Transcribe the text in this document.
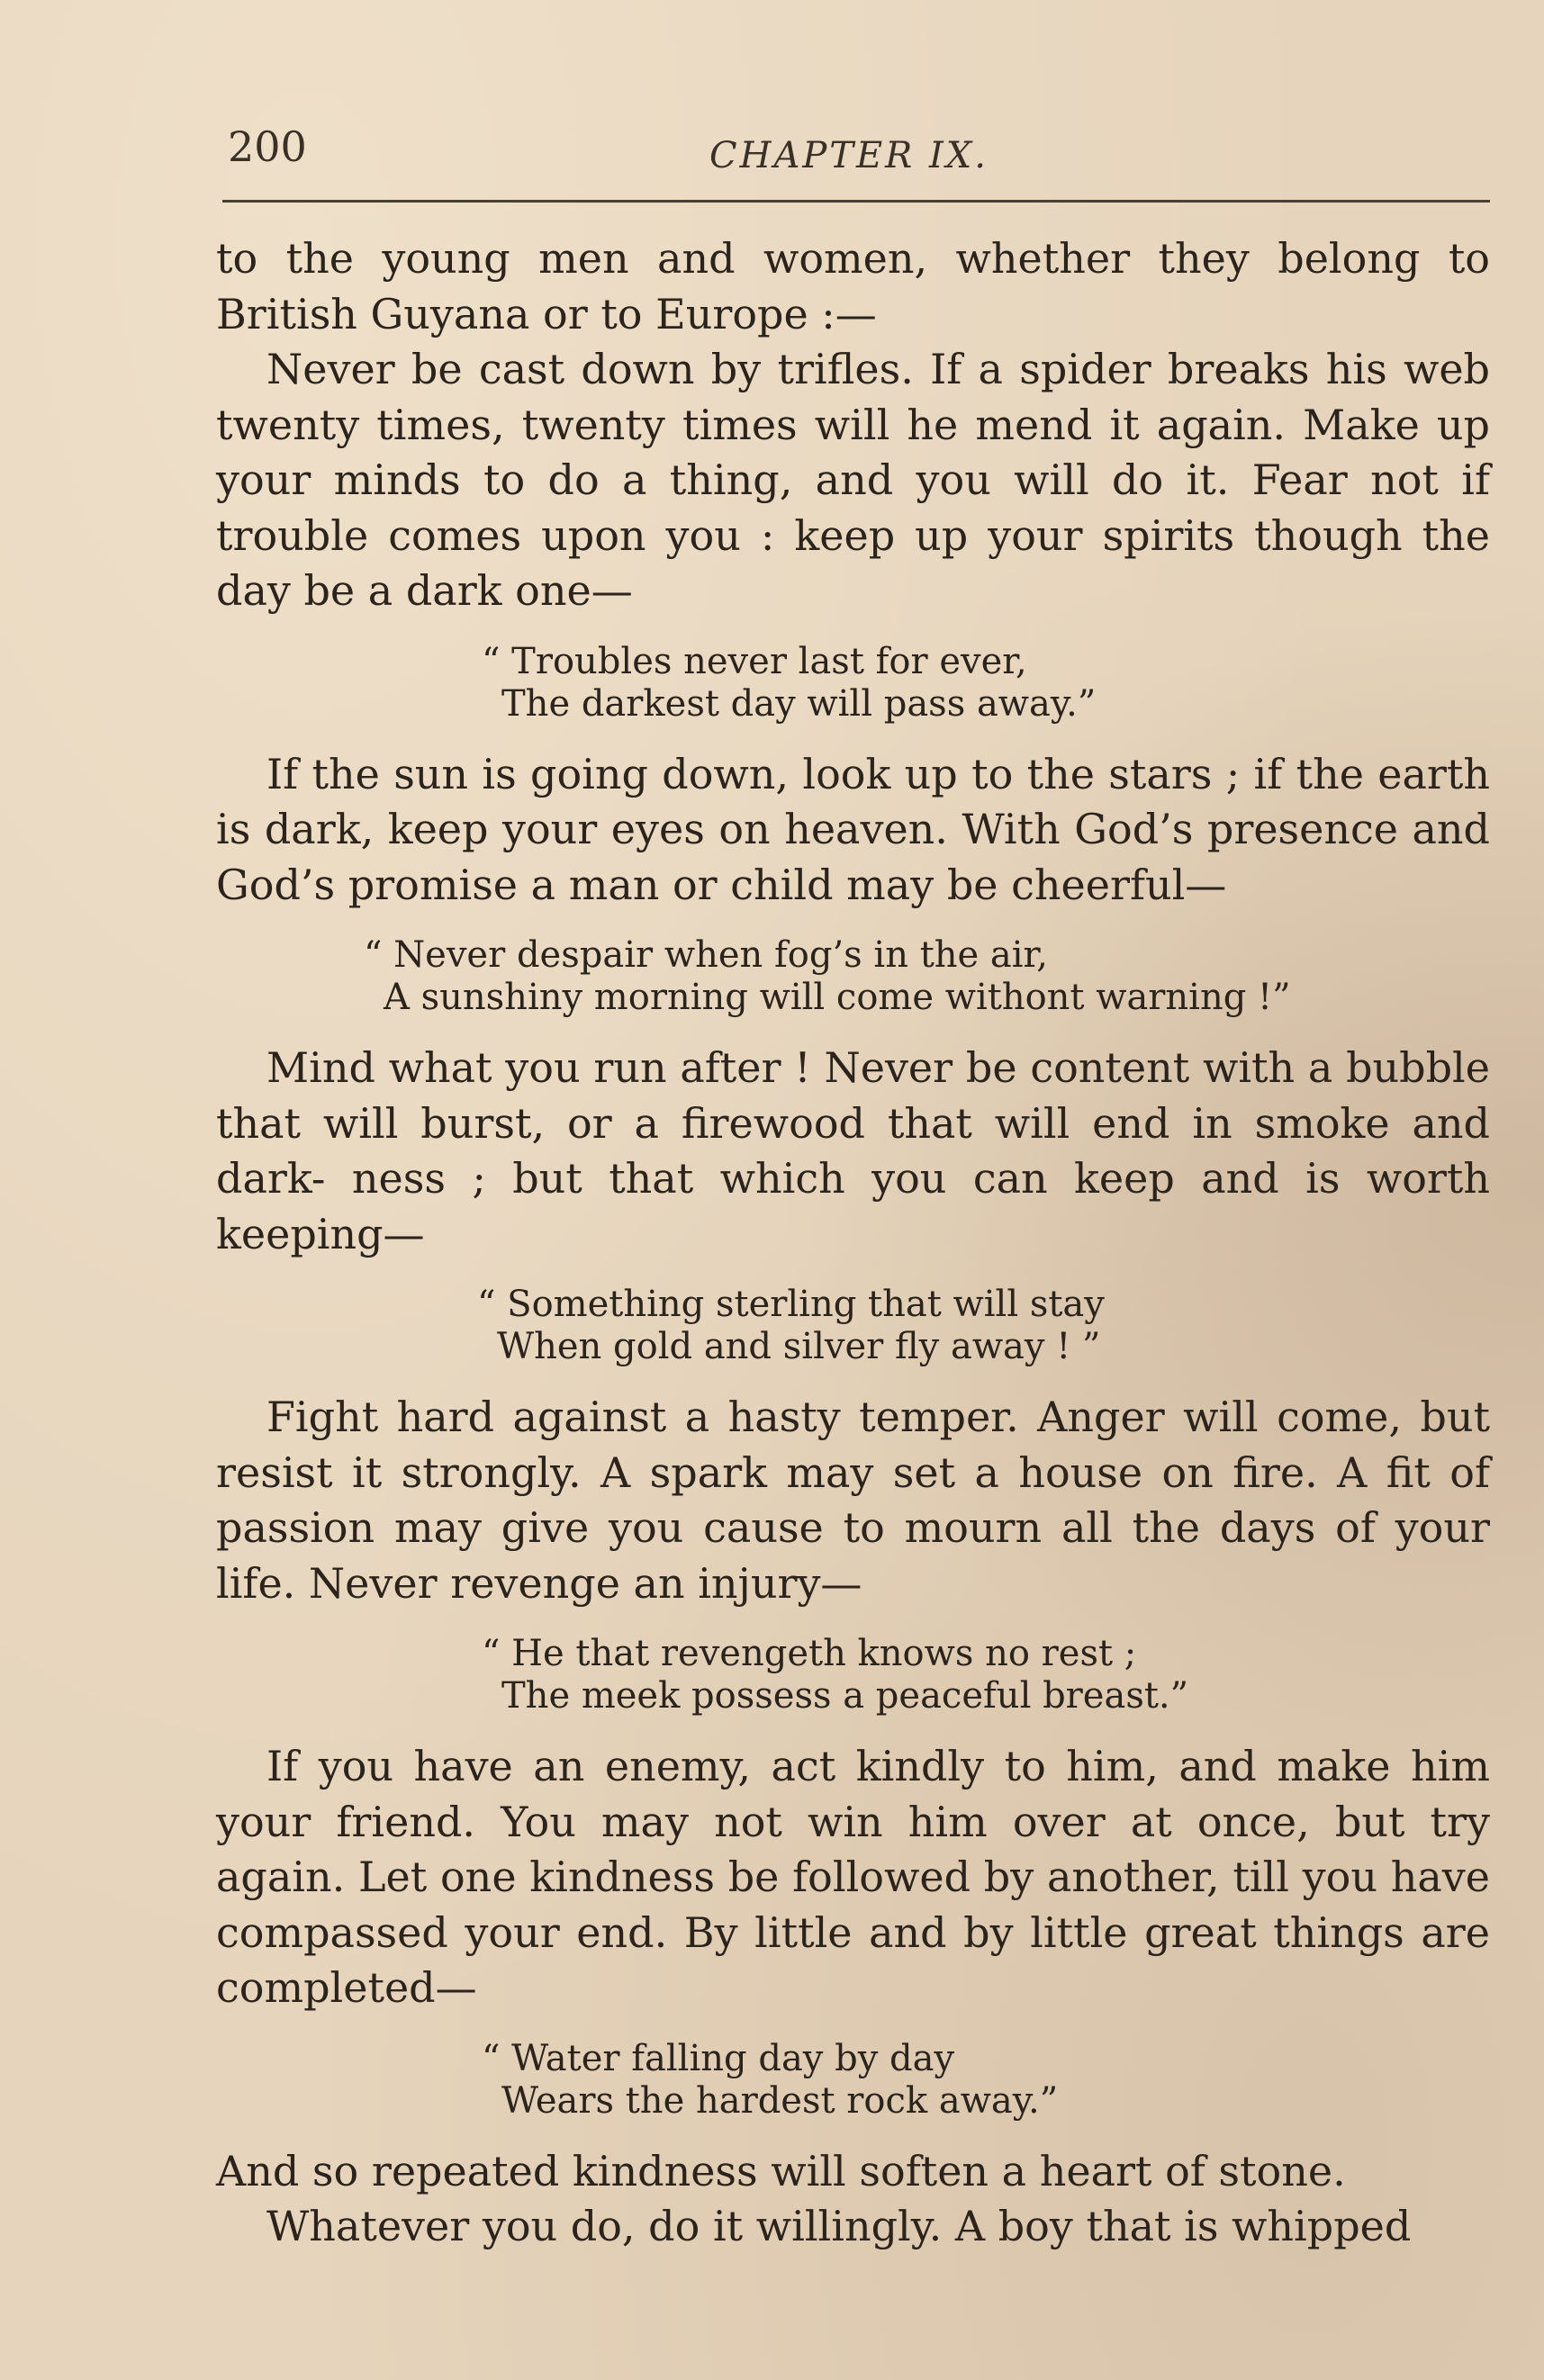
200	CHAPTER IX.

to the young men and women, whether they belong to British Guyana or to Europe :—

Never be cast down by trifles. If a spider breaks his web twenty times, twenty times will he mend it again. Make up your minds to do a thing, and you will do it. Fear not if trouble comes upon you : keep up your spirits though the day be a dark one—

“ Troubles never last for ever,
The darkest day will pass away.”

If the sun is going down, look up to the stars ; if the earth is dark, keep your eyes on heaven. With God’s presence and God’s promise a man or child may be cheerful—

“ Never despair when fog’s in the air,
A sunshiny morning will come withont warning !”

Mind what you run after ! Never be content with a bubble that will burst, or a firewood that will end in smoke and dark- ness ; but that which you can keep and is worth keeping—

“ Something sterling that will stay
When gold and silver fly away ! ”

Fight hard against a hasty temper. Anger will come, but resist it strongly. A spark may set a house on fire. A fit of passion may give you cause to mourn all the days of your life. Never revenge an injury—

“ He that revengeth knows no rest ;
The meek possess a peaceful breast.”

If you have an enemy, act kindly to him, and make him your friend. You may not win him over at once, but try again. Let one kindness be followed by another, till you have compassed your end. By little and by little great things are completed—

“ Water falling day by day
Wears the hardest rock away.”

And so repeated kindness will soften a heart of stone.

Whatever you do, do it willingly. A boy that is whipped
